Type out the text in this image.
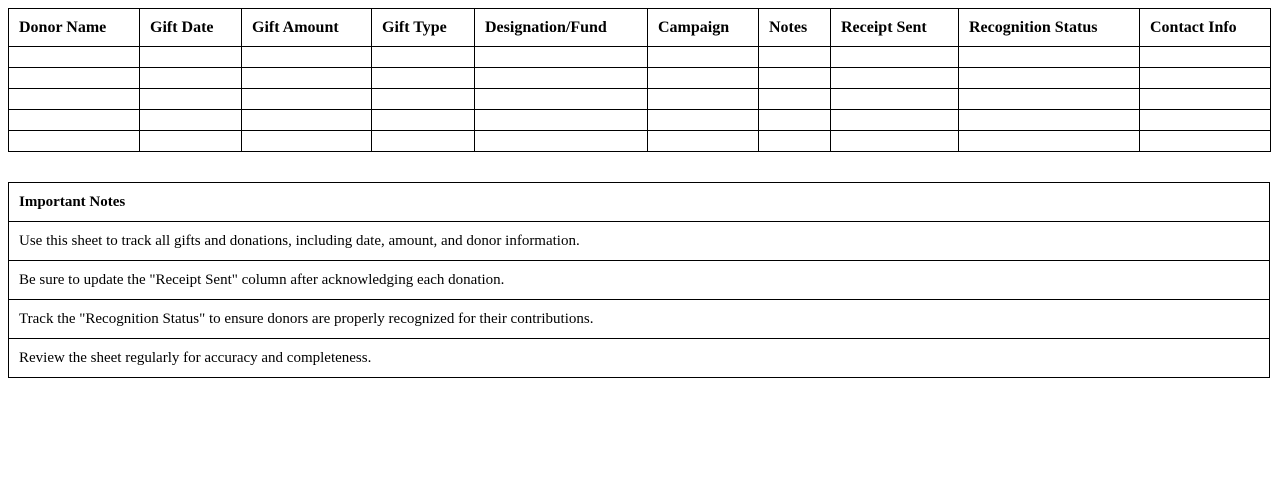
Donor Name	Gift Date	Gift Amount	Gift Type	Designation/Fund	Campaign	Notes	Receipt Sent	Recognition Status	Contact Info

Important Notes
Use this sheet to track all gifts and donations, including date, amount, and donor information.
Be sure to update the "Receipt Sent" column after acknowledging each donation.
Track the "Recognition Status" to ensure donors are properly recognized for their contributions.
Review the sheet regularly for accuracy and completeness.
